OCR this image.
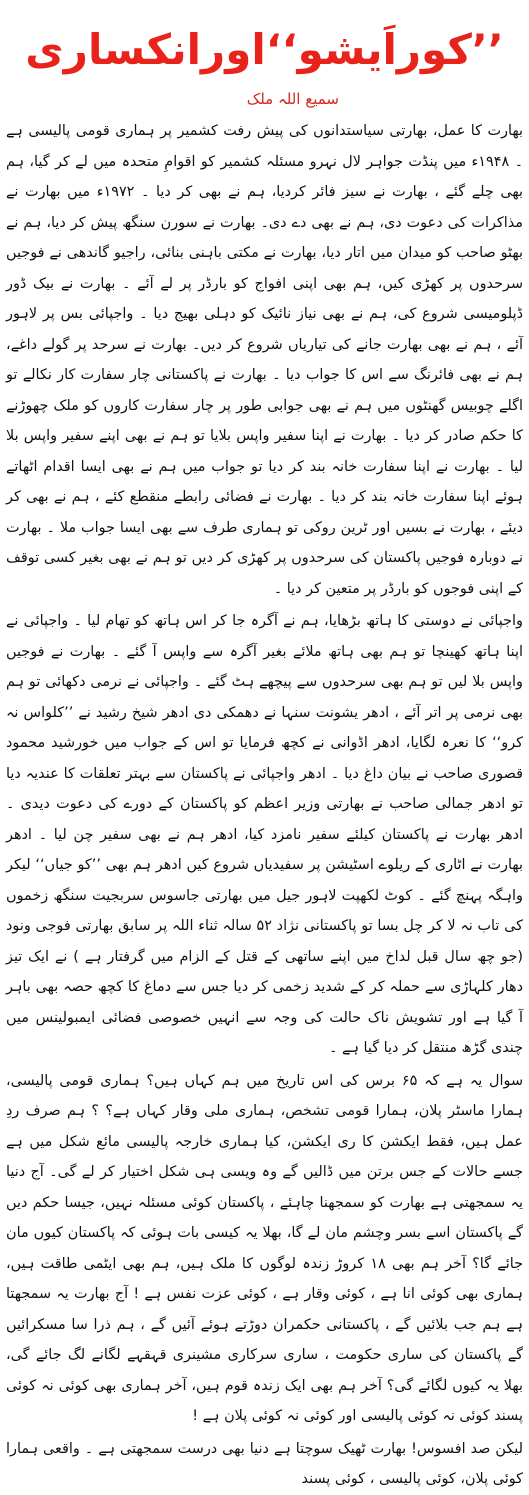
’’کوراَیشو‘‘اورانکساری
سمیع اللہ ملک

بھارت کا عمل، بھارتی سیاستدانوں کی پیش رفت کشمیر پر ہماری قومی پالیسی ہے ۔ ۱۹۴۸ء میں پنڈت جواہر لال نہرو مسئلہ کشمیر کو اقوامِ متحدہ میں لے کر گیا، ہم بھی چلے گئے ، بھارت نے سیز فائر کردیا، ہم نے بھی کر دیا ۔ ۱۹۷۲ء میں بھارت نے مذاکرات کی دعوت دی، ہم نے بھی دے دی۔ بھارت نے سورن سنگھ پیش کر دیا، ہم نے بھٹو صاحب کو میدان میں اتار دیا، بھارت نے مکتی باہنی بنائی، راجیو گاندھی نے فوجیں سرحدوں پر کھڑی کیں، ہم بھی اپنی افواج کو بارڈر پر لے آئے ۔ بھارت نے بیک ڈور ڈپلومیسی شروع کی، ہم نے بھی نیاز نائیک کو دہلی بھیج دیا ۔ واجپائی بس پر لاہور آئے ، ہم نے بھی بھارت جانے کی تیاریاں شروع کر دیں۔ بھارت نے سرحد پر گولے داغے، ہم نے بھی فائرنگ سے اس کا جواب دیا ۔ بھارت نے پاکستانی چار سفارت کار نکالے تو اگلے چوبیس گھنٹوں میں ہم نے بھی جوابی طور پر چار سفارت کاروں کو ملک چھوڑنے کا حکم صادر کر دیا ۔ بھارت نے اپنا سفیر واپس بلایا تو ہم نے بھی اپنے سفیر واپس بلا لیا ۔ بھارت نے اپنا سفارت خانہ بند کر دیا تو جواب میں ہم نے بھی ایسا اقدام اٹھاتے ہوئے اپنا سفارت خانہ بند کر دیا ۔ بھارت نے فضائی رابطے منقطع کئے ، ہم نے بھی کر دیئے ، بھارت نے بسیں اور ٹرین روکی تو ہماری طرف سے بھی ایسا جواب ملا ۔ بھارت نے دوبارہ فوجیں پاکستان کی سرحدوں پر کھڑی کر دیں تو ہم نے بھی بغیر کسی توقف کے اپنی فوجوں کو بارڈر پر متعین کر دیا ۔

واجپائی نے دوستی کا ہاتھ بڑھایا، ہم نے آگرہ جا کر اس ہاتھ کو تھام لیا ۔ واجپائی نے اپنا ہاتھ کھینچا تو ہم بھی ہاتھ ملائے بغیر آگرہ سے واپس آ گئے ۔ بھارت نے فوجیں واپس بلا لیں تو ہم بھی سرحدوں سے پیچھے ہٹ گئے ۔ واجپائی نے نرمی دکھائی تو ہم بھی نرمی پر اتر آئے ، ادھر یشونت سنہا نے دھمکی دی ادھر شیخ رشید نے ’’کلواس نہ کرو‘‘ کا نعرہ لگایا، ادھر اڈوانی نے کچھ فرمایا تو اس کے جواب میں خورشید محمود قصوری صاحب نے بیان داغ دیا ۔ ادھر واجپائی نے پاکستان سے بہتر تعلقات کا عندیہ دیا تو ادھر جمالی صاحب نے بھارتی وزیر اعظم کو پاکستان کے دورے کی دعوت دیدی ۔ ادھر بھارت نے پاکستان کیلئے سفیر نامزد کیا، ادھر ہم نے بھی سفیر چن لیا ۔ ادھر بھارت نے اٹاری کے ریلوے اسٹیشن پر سفیدیاں شروع کیں ادھر ہم بھی ’’کو جیاں‘‘ لیکر واہگہ پہنچ گئے ۔ کوٹ لکھپت لاہور جیل میں بھارتی جاسوس سربجیت سنگھ زخموں کی تاب نہ لا کر چل بسا تو پاکستانی نژاد ۵۲ سالہ ثناء اللہ پر سابق بھارتی فوجی ونود (جو چھ سال قبل لداخ میں اپنے ساتھی کے قتل کے الزام میں گرفتار ہے ) نے ایک تیز دھار کلہاڑی سے حملہ کر کے شدید زخمی کر دیا جس سے دماغ کا کچھ حصہ بھی باہر آ گیا ہے اور تشویش ناک حالت کی وجہ سے انہیں خصوصی فضائی ایمبولینس میں چندی گڑھ منتقل کر دیا گیا ہے ۔

سوال یہ ہے کہ ۶۵ برس کی اس تاریخ میں ہم کہاں ہیں؟ ہماری قومی پالیسی، ہمارا ماسٹر پلان، ہمارا قومی تشخص، ہماری ملی وقار کہاں ہے؟ ؟ ہم صرف ردِ عمل ہیں، فقط ایکشن کا ری ایکشن، کیا ہماری خارجہ پالیسی مائع شکل میں ہے جسے حالات کے جس برتن میں ڈالیں گے وہ ویسی ہی شکل اختیار کر لے گی۔ آج دنیا یہ سمجھتی ہے بھارت کو سمجھنا چاہئے ، پاکستان کوئی مسئلہ نہیں، جیسا حکم دیں گے پاکستان اسے بسر وچشم مان لے گا، بھلا یہ کیسی بات ہوئی کہ پاکستان کیوں مان جائے گا؟ آخر ہم بھی ۱۸ کروڑ زندہ لوگوں کا ملک ہیں، ہم بھی ایٹمی طاقت ہیں، ہماری بھی کوئی انا ہے ، کوئی وقار ہے ، کوئی عزت نفس ہے ! آج بھارت یہ سمجھتا ہے ہم جب بلائیں گے ، پاکستانی حکمران دوڑتے ہوئے آئیں گے ، ہم ذرا سا مسکرائیں گے پاکستان کی ساری حکومت ، ساری سرکاری مشینری قہقہے لگانے لگ جائے گی، بھلا یہ کیوں لگائے گی؟ آخر ہم بھی ایک زندہ قوم ہیں، آخر ہماری بھی کوئی نہ کوئی پسند کوئی نہ کوئی پالیسی اور کوئی نہ کوئی پلان ہے !

لیکن صد افسوس! بھارت ٹھیک سوچتا ہے دنیا بھی درست سمجھتی ہے ۔ واقعی ہمارا کوئی پلان، کوئی پالیسی ، کوئی پسند
